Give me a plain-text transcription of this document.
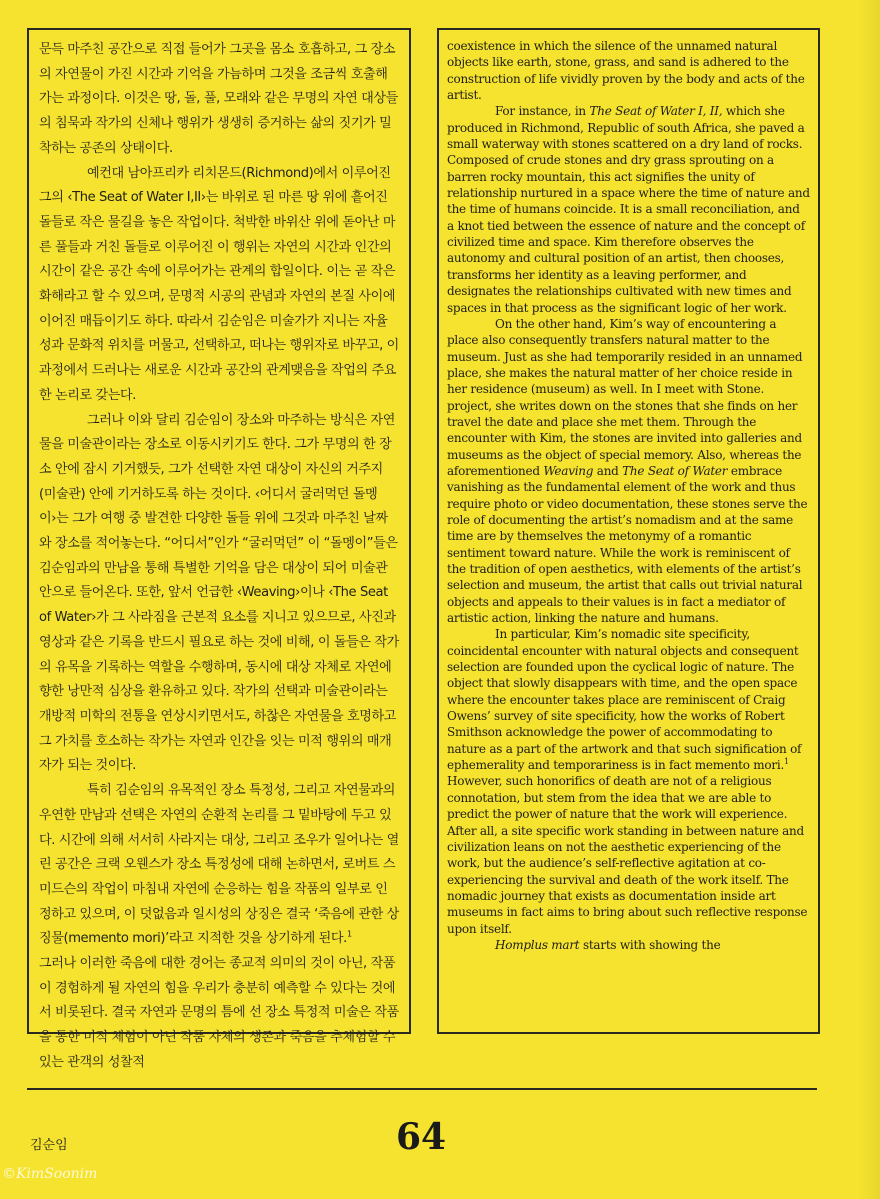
문득 마주친 공간으로 직접 들어가 그곳을 몸소 호흡하고, 그 장소의 자연물이 가진 시간과 기억을 가늠하며 그것을 조금씩 호출해가는 과정이다. 이것은 땅, 돌, 풀, 모래와 같은 무명의 자연 대상들의 침묵과 작가의 신체나 행위가 생생히 증거하는 삶의 짓기가 밀착하는 공존의 상태이다.

예컨대 남아프리카 리치몬드(Richmond)에서 이루어진 그의 ‹The Seat of Water I,II›는 바위로 된 마른 땅 위에 흩어진 돌들로 작은 물길을 놓은 작업이다. 척박한 바위산 위에 돋아난 마른 풀들과 거친 돌들로 이루어진 이 행위는 자연의 시간과 인간의 시간이 같은 공간 속에 이루어가는 관계의 합일이다. 이는 곧 작은 화해라고 할 수 있으며, 문명적 시공의 관념과 자연의 본질 사이에 이어진 매듭이기도 하다. 따라서 김순임은 미술가가 지니는 자율성과 문화적 위치를 머물고, 선택하고, 떠나는 행위자로 바꾸고, 이 과정에서 드러나는 새로운 시간과 공간의 관계맺음을 작업의 주요한 논리로 갖는다.

그러나 이와 달리 김순임이 장소와 마주하는 방식은 자연물을 미술관이라는 장소로 이동시키기도 한다. 그가 무명의 한 장소 안에 잠시 기거했듯, 그가 선택한 자연 대상이 자신의 거주지(미술관) 안에 기거하도록 하는 것이다. ‹어디서 굴러먹던 돌멩이›는 그가 여행 중 발견한 다양한 돌들 위에 그것과 마주친 날짜와 장소를 적어놓는다. “어디서”인가 “굴러먹던” 이 “돌멩이”들은 김순임과의 만남을 통해 특별한 기억을 담은 대상이 되어 미술관 안으로 들어온다. 또한, 앞서 언급한 ‹Weaving›이나 ‹The Seat of Water›가 그 사라짐을 근본적 요소를 지니고 있으므로, 사진과 영상과 같은 기록을 반드시 필요로 하는 것에 비해, 이 돌들은 작가의 유목을 기록하는 역할을 수행하며, 동시에 대상 자체로 자연에 향한 낭만적 심상을 환유하고 있다. 작가의 선택과 미술관이라는 개방적 미학의 전통을 연상시키면서도, 하찮은 자연물을 호명하고 그 가치를 호소하는 작가는 자연과 인간을 잇는 미적 행위의 매개자가 되는 것이다.

특히 김순임의 유목적인 장소 특정성, 그리고 자연물과의 우연한 만남과 선택은 자연의 순환적 논리를 그 밑바탕에 두고 있다. 시간에 의해 서서히 사라지는 대상, 그리고 조우가 일어나는 열린 공간은 크랙 오웬스가 장소 특정성에 대해 논하면서, 로버트 스미드슨의 작업이 마침내 자연에 순응하는 힘을 작품의 일부로 인정하고 있으며, 이 덧없음과 일시성의 상징은 결국 ‘죽음에 관한 상징물(memento mori)’라고 지적한 것을 상기하게 된다.$^1$

그러나 이러한 죽음에 대한 경어는 종교적 의미의 것이 아닌, 작품이 경험하게 될 자연의 힘을 우리가 충분히 예측할 수 있다는 것에서 비롯된다. 결국 자연과 문명의 틈에 선 장소 특정적 미술은 작품을 통한 미적 체험이 아닌 작품 자체의 생존과 죽음을 추체험할 수 있는 관객의 성찰적

coexistence in which the silence of the unnamed natural objects like earth, stone, grass, and sand is adhered to the construction of life vividly proven by the body and acts of the artist.

For instance, in The Seat of Water I, II, which she produced in Richmond, Republic of south Africa, she paved a small waterway with stones scattered on a dry land of rocks. Composed of crude stones and dry grass sprouting on a barren rocky mountain, this act signifies the unity of relationship nurtured in a space where the time of nature and the time of humans coincide. It is a small reconciliation, and a knot tied between the essence of nature and the concept of civilized time and space. Kim therefore observes the autonomy and cultural position of an artist, then chooses, transforms her identity as a leaving performer, and designates the relationships cultivated with new times and spaces in that process as the significant logic of her work.

On the other hand, Kim’s way of encountering a place also consequently transfers natural matter to the museum. Just as she had temporarily resided in an unnamed place, she makes the natural matter of her choice reside in her residence (museum) as well. In I meet with Stone. project, she writes down on the stones that she finds on her travel the date and place she met them. Through the encounter with Kim, the stones are invited into galleries and museums as the object of special memory. Also, whereas the aforementioned Weaving and The Seat of Water embrace vanishing as the fundamental element of the work and thus require photo or video documentation, these stones serve the role of documenting the artist’s nomadism and at the same time are by themselves the metonymy of a romantic sentiment toward nature. While the work is reminiscent of the tradition of open aesthetics, with elements of the artist’s selection and museum, the artist that calls out trivial natural objects and appeals to their values is in fact a mediator of artistic action, linking the nature and humans.

In particular, Kim’s nomadic site specificity, coincidental encounter with natural objects and consequent selection are founded upon the cyclical logic of nature. The object that slowly disappears with time, and the open space where the encounter takes place are reminiscent of Craig Owens’ survey of site specificity, how the works of Robert Smithson acknowledge the power of accommodating to nature as a part of the artwork and that such signification of ephemerality and temporariness is in fact memento mori.$^1$ However, such honorifics of death are not of a religious connotation, but stem from the idea that we are able to predict the power of nature that the work will experience. After all, a site specific work standing in between nature and civilization leans on not the aesthetic experiencing of the work, but the audience’s self-reflective agitation at co-experiencing the survival and death of the work itself. The nomadic journey that exists as documentation inside art museums in fact aims to bring about such reflective response upon itself.

Homplus mart starts with showing the

김순임	64
©KimSoonim
